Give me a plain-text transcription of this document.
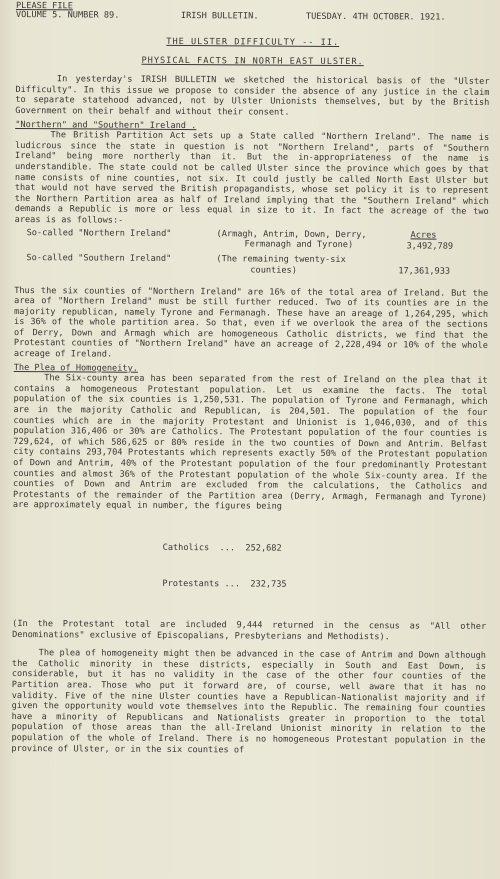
PLEASE FILE
VOLUME 5. NUMBER 89.	IRISH BULLETIN.	TUESDAY. 4TH OCTOBER. 1921.
THE ULSTER DIFFICULTY -- II.
PHYSICAL FACTS IN NORTH EAST ULSTER.

In yesterday's IRISH BULLETIN we sketched the historical basis of the "Ulster Difficulty". In this issue we propose to consider the absence of any justice in the claim to separate statehood advanced, not by Ulster Unionists themselves, but by the British Government on their behalf and without their consent.

"Northern" and "Southern" Ireland .

The British Partition Act sets up a State called "Northern Ireland". The name is ludicrous since the state in question is not "Northern Ireland", parts of "Southern Ireland" being more northerly than it. But the in-appropriateness of the name is understandible. The state could not be called Ulster since the province which goes by that name consists of nine counties, not six. It could justly be called North East Ulster but that would not have served the British propagandists, whose set policy it is to represent the Northern Partition area as half of Ireland implying that the "Southern Ireland" which demands a Republic is more or less equal in size to it. In fact the acreage of the two areas is as follows:-

Acres
So-called "Northern Ireland"	(Armagh, Antrim, Down, Derry,
Fermanagh and Tyrone)	3,492,789
So-called "Southern Ireland"	(The remaining twenty-six
counties)	17,361,933

Thus the six counties of "Northern Ireland" are 16% of the total area of Ireland. But the area of "Northern Ireland" must be still further reduced. Two of its counties are in the majority republican, namely Tyrone and Fermanagh. These have an areage of 1,264,295, which is 36% of the whole partition area. So that, even if we overlook the area of the sections of Derry, Down and Armagh which are homogeneous Catholic districts, we find that the Protestant counties of "Northern Ireland" have an acreage of 2,228,494 or 10% of the whole acreage of Ireland.

The Plea of Homogeneity.

The Six-county area has been separated from the rest of Ireland on the plea that it contains a homogeneous Protestant population. Let us examine the facts. The total population of the six counties is 1,250,531. The population of Tyrone and Fermanagh, which are in the majority Catholic and Republican, is 204,501. The population of the four counties which are in the majority Protestant and Unionist is 1,046,030, and of this population 316,406 or 30% are Catholics. The Protestant population of the four counties is 729,624, of which 586,625 or 80% reside in the two counties of Down and Antrim. Belfast city contains 293,704 Protestants which represents exactly 50% of the Protestant population of Down and Antrim, 40% of the Protestant population of the four predominantly Protestant counties and almost 36% of the Protestant population of the whole Six-county area. If the counties of Down and Antrim are excluded from the calculations, the Catholics and Protestants of the remainder of the Partition area (Derry, Armagh, Fermanagh and Tyrone) are approximately equal in number, the figures being

Catholics  ...  252,682

Protestants ...  232,735

(In the Protestant total are included 9,444 returned in the census as "All other Denominations" exclusive of Episcopalians, Presbyterians and Methodists).

The plea of homogeneity might then be advanced in the case of Antrim and Down although the Catholic minority in these districts, especially in South and East Down, is considerable, but it has no validity in the case of the other four counties of the Partition area. Those who put it forward are, of course, well aware that it has no validity. Five of the nine Ulster counties have a Republican-Nationalist majority and if given the opportunity would vote themselves into the Republic. The remaining four counties have a minority of Republicans and Nationalists greater in proportion to the total population of those areas than the all-Ireland Unionist minority in relation to the population of the whole of Ireland. There is no homogeneous Protestant population in the province of Ulster, or in the six counties of
